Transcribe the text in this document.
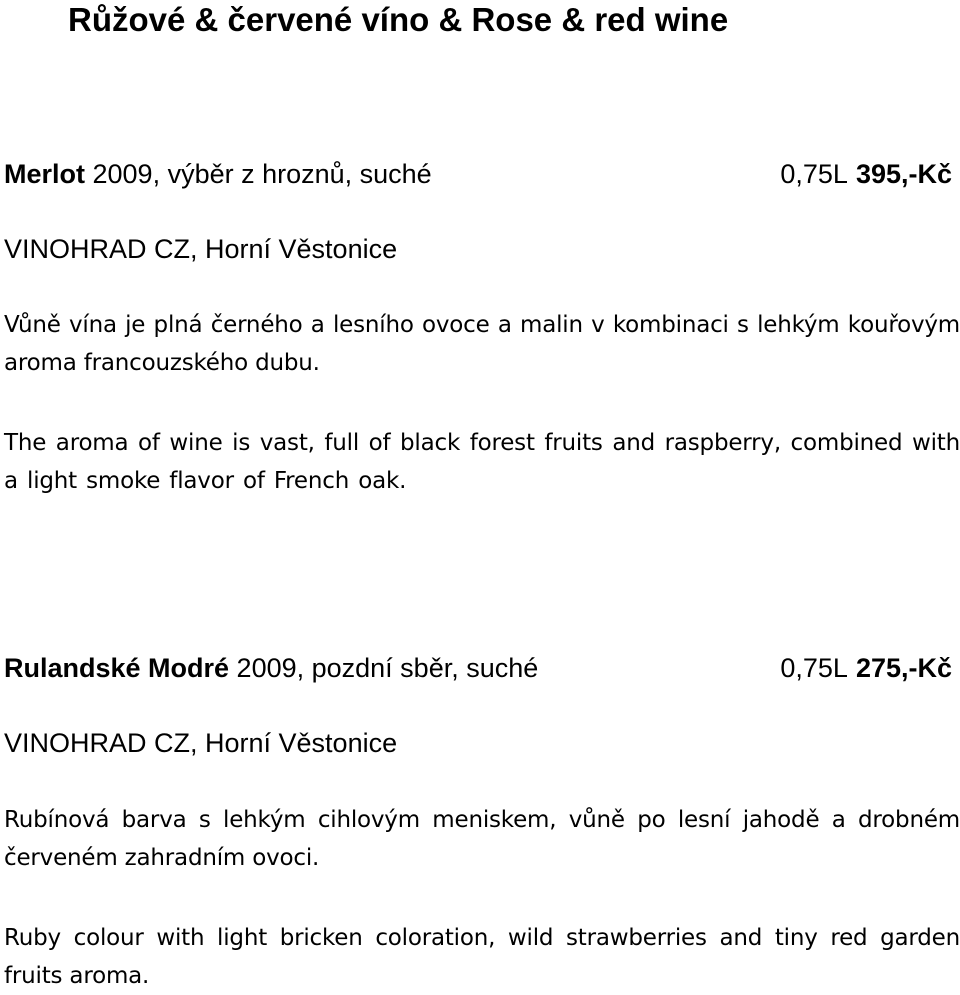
Růžové & červené víno & Rose & red wine
Merlot 2009, výběr z hroznů, suché	0,75L 395,-Kč
VINOHRAD CZ, Horní Věstonice

Vůně vína je plná černého a lesního ovoce a malin v kombinaci s lehkým kouřovým aroma francouzského dubu.

The aroma of wine is vast, full of black forest fruits and raspberry, combined with a light smoke flavor of French oak.

Rulandské Modré 2009, pozdní sběr, suché	0,75L 275,-Kč
VINOHRAD CZ, Horní Věstonice

Rubínová barva s lehkým cihlovým meniskem, vůně po lesní jahodě a drobném červeném zahradním ovoci.

Ruby colour with light bricken coloration, wild strawberries and tiny red garden fruits aroma.
